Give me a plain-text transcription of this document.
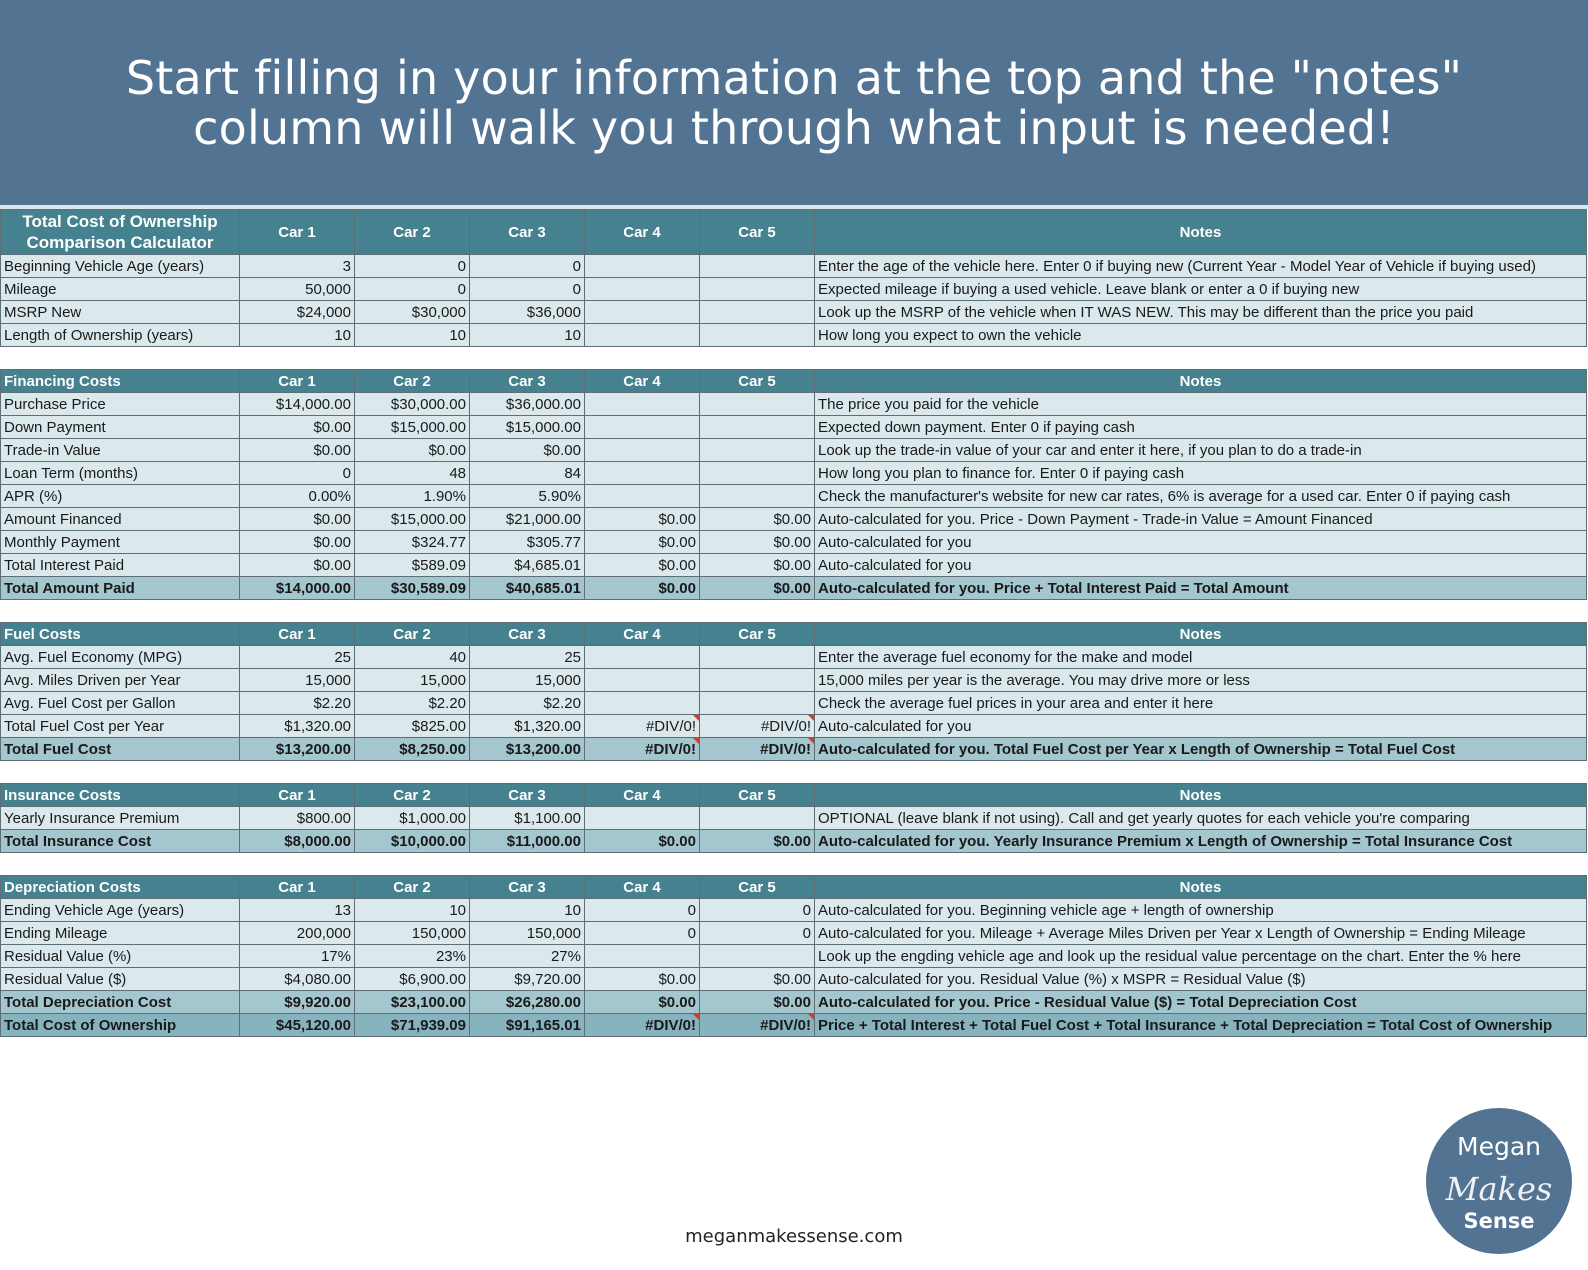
Start filling in your information at the top and the "notes"
column will walk you through what input is needed!
Total Cost of Ownership Comparison Calculator	Car 1	Car 2	Car 3	Car 4	Car 5	Notes
Beginning Vehicle Age (years)	3	0	0			Enter the age of the vehicle here. Enter 0 if buying new (Current Year - Model Year of Vehicle if buying used)
Mileage	50,000	0	0			Expected mileage if buying a used vehicle. Leave blank or enter a 0 if buying new
MSRP New	$24,000	$30,000	$36,000			Look up the MSRP of the vehicle when IT WAS NEW. This may be different than the price you paid
Length of Ownership (years)	10	10	10			How long you expect to own the vehicle
Financing Costs	Car 1	Car 2	Car 3	Car 4	Car 5	Notes
Purchase Price	$14,000.00	$30,000.00	$36,000.00			The price you paid for the vehicle
Down Payment	$0.00	$15,000.00	$15,000.00			Expected down payment. Enter 0 if paying cash
Trade-in Value	$0.00	$0.00	$0.00			Look up the trade-in value of your car and enter it here, if you plan to do a trade-in
Loan Term (months)	0	48	84			How long you plan to finance for. Enter 0 if paying cash
APR (%)	0.00%	1.90%	5.90%			Check the manufacturer's website for new car rates, 6% is average for a used car. Enter 0 if paying cash
Amount Financed	$0.00	$15,000.00	$21,000.00	$0.00	$0.00	Auto-calculated for you. Price - Down Payment - Trade-in Value = Amount Financed
Monthly Payment	$0.00	$324.77	$305.77	$0.00	$0.00	Auto-calculated for you
Total Interest Paid	$0.00	$589.09	$4,685.01	$0.00	$0.00	Auto-calculated for you
Total Amount Paid	$14,000.00	$30,589.09	$40,685.01	$0.00	$0.00	Auto-calculated for you. Price + Total Interest Paid = Total Amount
Fuel Costs	Car 1	Car 2	Car 3	Car 4	Car 5	Notes
Avg. Fuel Economy (MPG)	25	40	25			Enter the average fuel economy for the make and model
Avg. Miles Driven per Year	15,000	15,000	15,000			15,000 miles per year is the average. You may drive more or less
Avg. Fuel Cost per Gallon	$2.20	$2.20	$2.20			Check the average fuel prices in your area and enter it here
Total Fuel Cost per Year	$1,320.00	$825.00	$1,320.00	#DIV/0!	#DIV/0!	Auto-calculated for you
Total Fuel Cost	$13,200.00	$8,250.00	$13,200.00	#DIV/0!	#DIV/0!	Auto-calculated for you. Total Fuel Cost per Year x Length of Ownership = Total Fuel Cost
Insurance Costs	Car 1	Car 2	Car 3	Car 4	Car 5	Notes
Yearly Insurance Premium	$800.00	$1,000.00	$1,100.00			OPTIONAL (leave blank if not using). Call and get yearly quotes for each vehicle you're comparing
Total Insurance Cost	$8,000.00	$10,000.00	$11,000.00	$0.00	$0.00	Auto-calculated for you. Yearly Insurance Premium x Length of Ownership = Total Insurance Cost
Depreciation Costs	Car 1	Car 2	Car 3	Car 4	Car 5	Notes
Ending Vehicle Age (years)	13	10	10	0	0	Auto-calculated for you. Beginning vehicle age + length of ownership
Ending Mileage	200,000	150,000	150,000	0	0	Auto-calculated for you. Mileage + Average Miles Driven per Year x Length of Ownership = Ending Mileage
Residual Value (%)	17%	23%	27%			Look up the engding vehicle age and look up the residual value percentage on the chart. Enter the % here
Residual Value ($)	$4,080.00	$6,900.00	$9,720.00	$0.00	$0.00	Auto-calculated for you. Residual Value (%) x MSPR = Residual Value ($)
Total Depreciation Cost	$9,920.00	$23,100.00	$26,280.00	$0.00	$0.00	Auto-calculated for you. Price - Residual Value ($) = Total Depreciation Cost
Total Cost of Ownership	$45,120.00	$71,939.09	$91,165.01	#DIV/0!	#DIV/0!	Price + Total Interest + Total Fuel Cost + Total Insurance + Total Depreciation = Total Cost of Ownership
meganmakessense.com
Megan
Makes
Sense
